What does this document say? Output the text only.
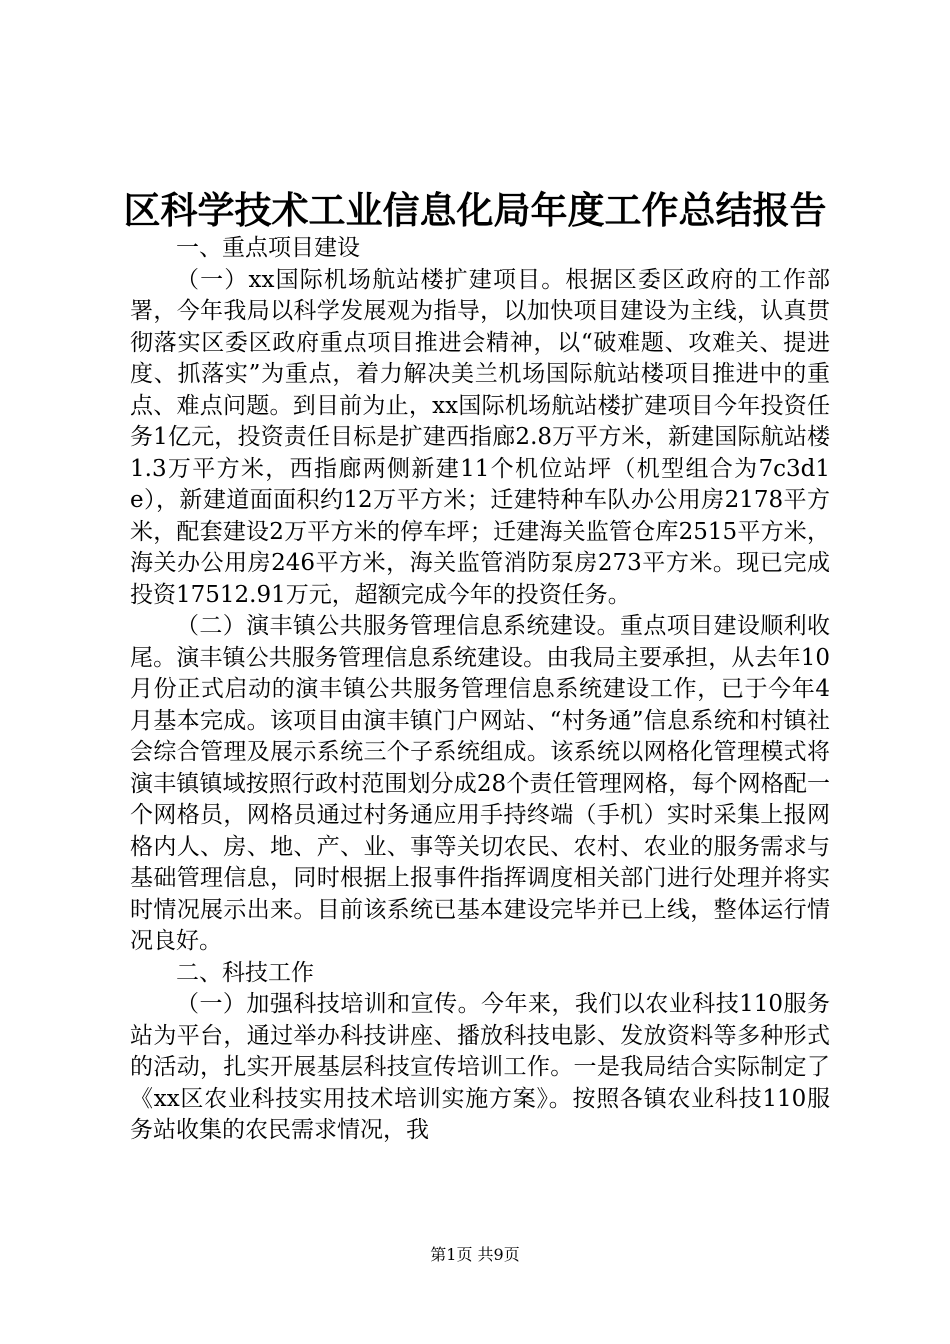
区科学技术工业信息化局年度工作总结报告

一、重点项目建设

（一）xx国际机场航站楼扩建项目。根据区委区政府的工作部署，今年我局以科学发展观为指导，以加快项目建设为主线，认真贯彻落实区委区政府重点项目推进会精神，以“破难题、攻难关、提进度、抓落实”为重点，着力解决美兰机场国际航站楼项目推进中的重点、难点问题。到目前为止，xx国际机场航站楼扩建项目今年投资任务1亿元，投资责任目标是扩建西指廊2.8万平方米，新建国际航站楼1.3万平方米，西指廊两侧新建11个机位站坪（机型组合为7c3d1e），新建道面面积约12万平方米；迁建特种车队办公用房2178平方米，配套建设2万平方米的停车坪；迁建海关监管仓库2515平方米，海关办公用房246平方米，海关监管消防泵房273平方米。现已完成投资17512.91万元，超额完成今年的投资任务。

（二）演丰镇公共服务管理信息系统建设。重点项目建设顺利收尾。演丰镇公共服务管理信息系统建设。由我局主要承担，从去年10月份正式启动的演丰镇公共服务管理信息系统建设工作，已于今年4月基本完成。该项目由演丰镇门户网站、“村务通”信息系统和村镇社会综合管理及展示系统三个子系统组成。该系统以网格化管理模式将演丰镇镇域按照行政村范围划分成28个责任管理网格，每个网格配一个网格员，网格员通过村务通应用手持终端（手机）实时采集上报网格内人、房、地、产、业、事等关切农民、农村、农业的服务需求与基础管理信息，同时根据上报事件指挥调度相关部门进行处理并将实时情况展示出来。目前该系统已基本建设完毕并已上线，整体运行情况良好。

二、科技工作

（一）加强科技培训和宣传。今年来，我们以农业科技110服务站为平台，通过举办科技讲座、播放科技电影、发放资料等多种形式的活动，扎实开展基层科技宣传培训工作。一是我局结合实际制定了《xx区农业科技实用技术培训实施方案》。按照各镇农业科技110服务站收集的农民需求情况，我

第1页 共9页
